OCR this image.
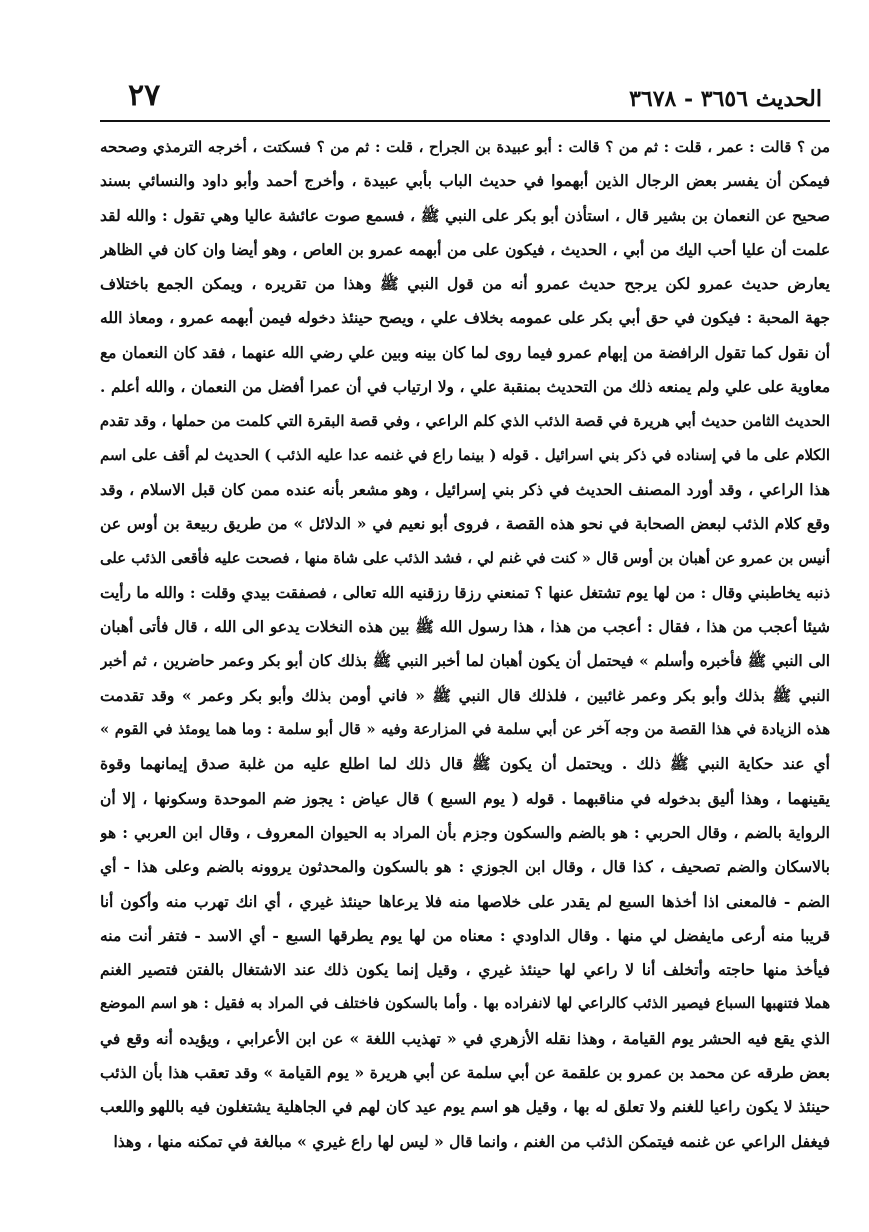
الحديث ٣٦٥٦ - ٣٦٧٨
٢٧
من ؟ قالت : عمر ، قلت : ثم من ؟ قالت : أبو عبيدة بن الجراح ، قلت : ثم من ؟ فسكتت ، أخرجه الترمذي وصححه
فيمكن أن يفسر بعض الرجال الذين أبهموا في حديث الباب بأبي عبيدة ، وأخرج أحمد وأبو داود والنسائي بسند
صحيح عن النعمان بن بشير قال ، استأذن أبو بكر على النبي ﷺ ، فسمع صوت عائشة عاليا وهي تقول : والله لقد
علمت أن عليا أحب اليك من أبي ، الحديث ، فيكون على من أبهمه عمرو بن العاص ، وهو أيضا وان كان في الظاهر
يعارض حديث عمرو لكن يرجح حديث عمرو أنه من قول النبي ﷺ وهذا من تقريره ، ويمكن الجمع باختلاف
جهة المحبة : فيكون في حق أبي بكر على عمومه بخلاف علي ، ويصح حينئذ دخوله فيمن أبهمه عمرو ، ومعاذ الله
أن نقول كما تقول الرافضة من إبهام عمرو فيما روى لما كان بينه وبين علي رضي الله عنهما ، فقد كان النعمان مع
معاوية على علي ولم يمنعه ذلك من التحديث بمنقبة علي ، ولا ارتياب في أن عمرا أفضل من النعمان ، والله أعلم .
الحديث الثامن حديث أبي هريرة في قصة الذئب الذي كلم الراعي ، وفي قصة البقرة التي كلمت من حملها ، وقد تقدم
الكلام على ما في إسناده في ذكر بني اسرائيل . قوله ( بينما راع في غنمه عدا عليه الذئب ) الحديث لم أقف على اسم
هذا الراعي ، وقد أورد المصنف الحديث في ذكر بني إسرائيل ، وهو مشعر بأنه عنده ممن كان قبل الاسلام ، وقد
وقع كلام الذئب لبعض الصحابة في نحو هذه القصة ، فروى أبو نعيم في « الدلائل » من طريق ربيعة بن أوس عن
أنيس بن عمرو عن أهبان بن أوس قال « كنت في غنم لي ، فشد الذئب على شاة منها ، فصحت عليه فأقعى الذئب على
ذنبه يخاطبني وقال : من لها يوم تشتغل عنها ؟ تمنعني رزقا رزقنيه الله تعالى ، فصفقت بيدي وقلت : والله ما رأيت
شيئا أعجب من هذا ، فقال : أعجب من هذا ، هذا رسول الله ﷺ بين هذه النخلات يدعو الى الله ، قال فأتى أهبان
الى النبي ﷺ فأخبره وأسلم » فيحتمل أن يكون أهبان لما أخبر النبي ﷺ بذلك كان أبو بكر وعمر حاضرين ، ثم أخبر
النبي ﷺ بذلك وأبو بكر وعمر غائبين ، فلذلك قال النبي ﷺ « فاني أومن بذلك وأبو بكر وعمر » وقد تقدمت
هذه الزيادة في هذا القصة من وجه آخر عن أبي سلمة في المزارعة وفيه « قال أبو سلمة : وما هما يومئذ في القوم »
أي عند حكاية النبي ﷺ ذلك . ويحتمل أن يكون ﷺ قال ذلك لما اطلع عليه من غلبة صدق إيمانهما وقوة
يقينهما ، وهذا أليق بدخوله في مناقبهما . قوله ( يوم السبع ) قال عياض : يجوز ضم الموحدة وسكونها ، إلا أن
الرواية بالضم ، وقال الحربي : هو بالضم والسكون وجزم بأن المراد به الحيوان المعروف ، وقال ابن العربي : هو
بالاسكان والضم تصحيف ، كذا قال ، وقال ابن الجوزي : هو بالسكون والمحدثون يروونه بالضم وعلى هذا - أي
الضم - فالمعنى اذا أخذها السبع لم يقدر على خلاصها منه فلا يرعاها حينئذ غيري ، أي انك تهرب منه وأكون أنا
قريبا منه أرعى مايفضل لي منها . وقال الداودي : معناه من لها يوم يطرقها السبع - أي الاسد - فتفر أنت منه
فيأخذ منها حاجته وأتخلف أنا لا راعي لها حينئذ غيري ، وقيل إنما يكون ذلك عند الاشتغال بالفتن فتصير الغنم
هملا فتنهبها السباع فيصير الذئب كالراعي لها لانفراده بها . وأما بالسكون فاختلف في المراد به فقيل : هو اسم الموضع
الذي يقع فيه الحشر يوم القيامة ، وهذا نقله الأزهري في « تهذيب اللغة » عن ابن الأعرابي ، ويؤيده أنه وقع في
بعض طرقه عن محمد بن عمرو بن علقمة عن أبي سلمة عن أبي هريرة « يوم القيامة » وقد تعقب هذا بأن الذئب
حينئذ لا يكون راعيا للغنم ولا تعلق له بها ، وقيل هو اسم يوم عيد كان لهم في الجاهلية يشتغلون فيه باللهو واللعب
فيغفل الراعي عن غنمه فيتمكن الذئب من الغنم ، وانما قال « ليس لها راع غيري » مبالغة في تمكنه منها ، وهذا
